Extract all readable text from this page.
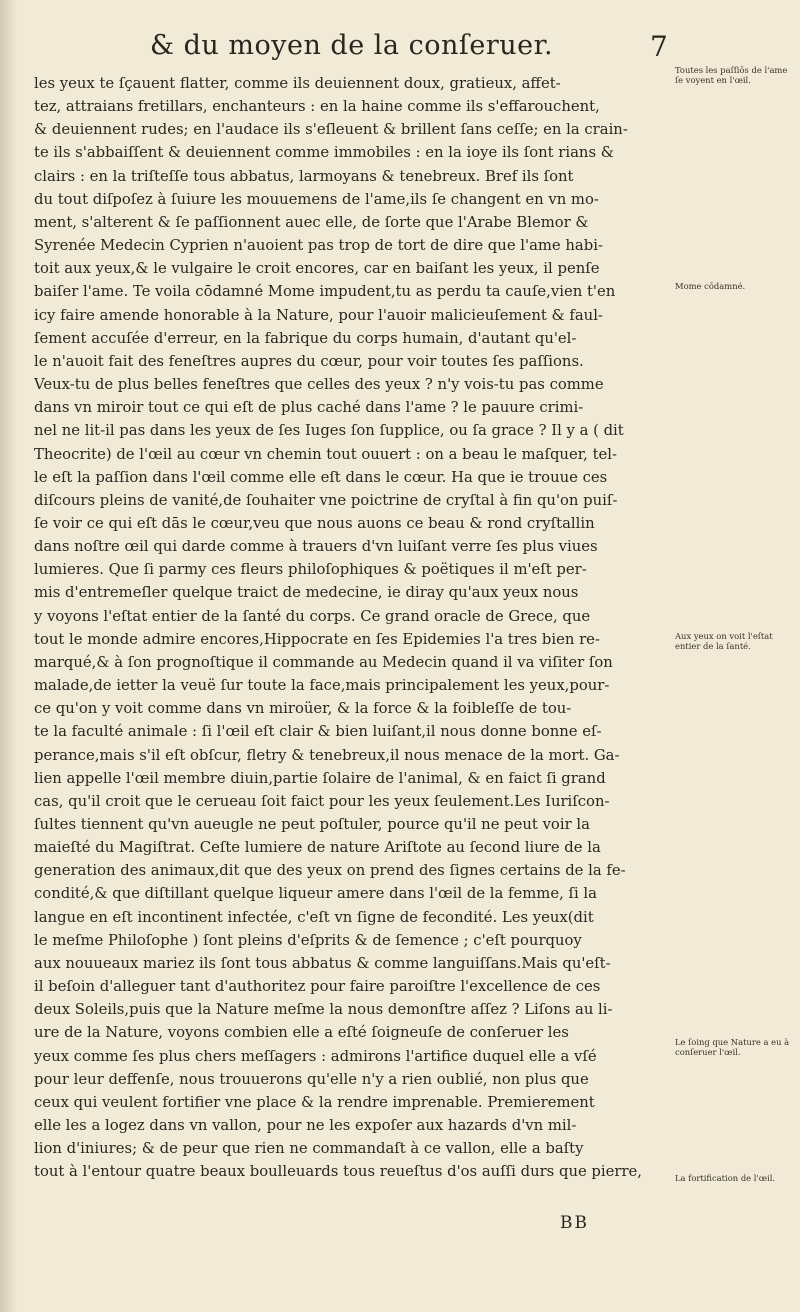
& du moyen de la conſeruer.	7
les yeux te ſçauent flatter, comme ils deuiennent doux, gratieux, affet-
tez, attraians fretillars, enchanteurs : en la haine comme ils s'effarouchent,
& deuiennent rudes; en l'audace ils s'eſleuent & brillent ſans ceſſe; en la crain-
te ils s'abbaiſſent & deuiennent comme immobiles : en la ioye ils ſont rians &
clairs : en la triſteſſe tous abbatus, larmoyans & tenebreux. Bref ils ſont
du tout diſpoſez à ſuiure les mouuemens de l'ame,ils ſe changent en vn mo-
ment, s'alterent & ſe paſſionnent auec elle, de ſorte que l'Arabe Blemor &
Syrenée Medecin Cyprien n'auoient pas trop de tort de dire que l'ame habi-
toit aux yeux,& le vulgaire le croit encores, car en baiſant les yeux, il penſe
baiſer l'ame. Te voila cōdamné Mome impudent,tu as perdu ta cauſe,vien t'en
icy faire amende honorable à la Nature, pour l'auoir malicieuſement & faul-
ſement accuſée d'erreur, en la fabrique du corps humain, d'autant qu'el-
le n'auoit fait des feneſtres aupres du cœur, pour voir toutes ſes paſſions.
Veux-tu de plus belles feneſtres que celles des yeux ? n'y vois-tu pas comme
dans vn miroir tout ce qui eſt de plus caché dans l'ame ? le pauure crimi-
nel ne lit-il pas dans les yeux de ſes Iuges ſon ſupplice, ou ſa grace ? Il y a ( dit
Theocrite) de l'œil au cœur vn chemin tout ouuert : on a beau le maſquer, tel-
le eſt la paſſion dans l'œil comme elle eſt dans le cœur. Ha que ie trouue ces
diſcours pleins de vanité,de ſouhaiter vne poictrine de cryſtal à fin qu'on puiſ-
ſe voir ce qui eſt dās le cœur,veu que nous auons ce beau & rond cryſtallin
dans noſtre œil qui darde comme à trauers d'vn luiſant verre ſes plus viues
lumieres. Que ſi parmy ces fleurs philoſophiques & poëtiques il m'eſt per-
mis d'entremeſler quelque traict de medecine, ie diray qu'aux yeux nous
y voyons l'eſtat entier de la ſanté du corps. Ce grand oracle de Grece, que
tout le monde admire encores,Hippocrate en ſes Epidemies l'a tres bien re-
marqué,& à ſon prognoſtique il commande au Medecin quand il va viſiter ſon
malade,de ietter la veuë ſur toute la face,mais principalement les yeux,pour-
ce qu'on y voit comme dans vn miroüer, & la force & la foibleſſe de tou-
te la faculté animale : ſi l'œil eſt clair & bien luiſant,il nous donne bonne eſ-
perance,mais s'il eſt obſcur, fletry & tenebreux,il nous menace de la mort. Ga-
lien appelle l'œil membre diuin,partie ſolaire de l'animal, & en faict ſi grand
cas, qu'il croit que le cerueau ſoit faict pour les yeux ſeulement.Les Iuriſcon-
ſultes tiennent qu'vn aueugle ne peut poſtuler, pource qu'il ne peut voir la
maieſté du Magiſtrat. Ceſte lumiere de nature Ariſtote au ſecond liure de la
generation des animaux,dit que des yeux on prend des ſignes certains de la fe-
condité,& que diſtillant quelque liqueur amere dans l'œil de la femme, ſi la
langue en eſt incontinent infectée, c'eſt vn ſigne de fecondité. Les yeux(dit
le meſme Philoſophe ) ſont pleins d'eſprits & de ſemence ; c'eſt pourquoy
aux nouueaux mariez ils ſont tous abbatus & comme languiſſans.Mais qu'eſt-
il beſoin d'alleguer tant d'authoritez pour faire paroiſtre l'excellence de ces
deux Soleils,puis que la Nature meſme la nous demonſtre aſſez ? Liſons au li-
ure de la Nature, voyons combien elle a eſté ſoigneuſe de conſeruer les
yeux comme ſes plus chers meſſagers : admirons l'artifice duquel elle a vſé
pour leur deffenſe, nous trouuerons qu'elle n'y a rien oublié, non plus que
ceux qui veulent fortifier vne place & la rendre imprenable. Premierement
elle les a logez dans vn vallon, pour ne les expoſer aux hazards d'vn mil-
lion d'iniures; & de peur que rien ne commandaſt à ce vallon, elle a baſty
tout à l'entour quatre beaux boulleuards tous reueſtus d'os auſſi durs que pierre,
Toutes les paſſiōs de l'ame ſe voyent en l'œil.
Mome cōdamné.
Aux yeux on voit l'eſtat entier de la ſanté.
Le ſoing que Nature a eu à conſeruer l'œil.
La fortification de l'œil.
BB
